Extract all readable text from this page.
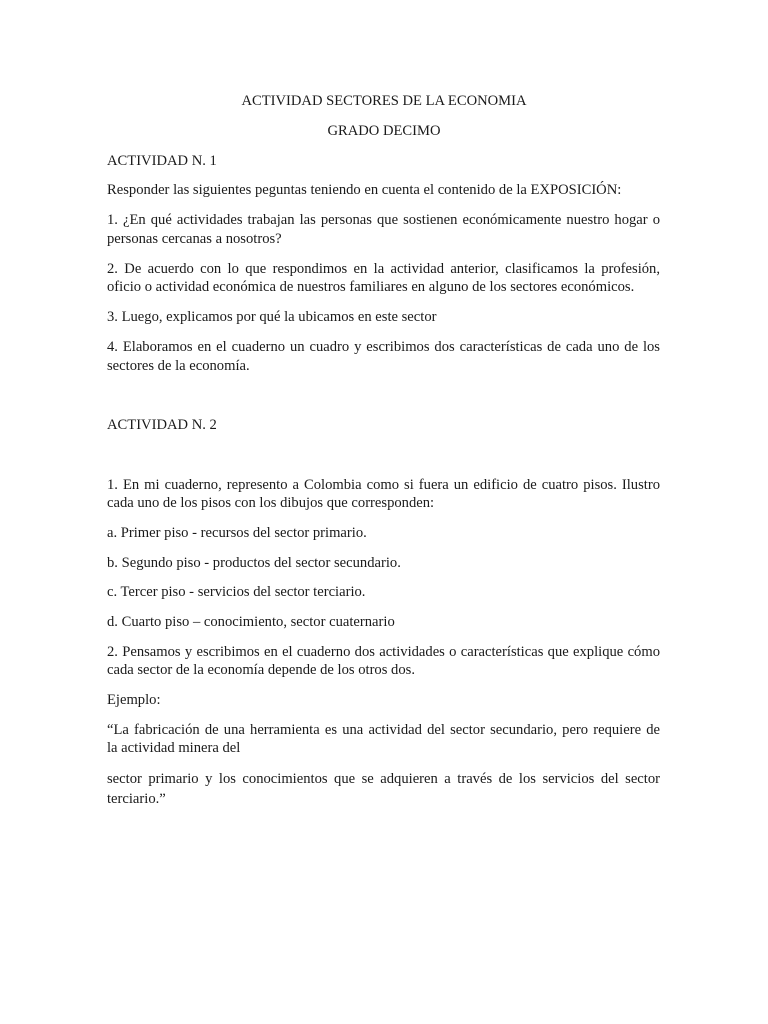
ACTIVIDAD SECTORES DE LA ECONOMIA
GRADO DECIMO
ACTIVIDAD N. 1
Responder las siguientes peguntas teniendo en cuenta el contenido de la EXPOSICIÓN:
1. ¿En qué actividades trabajan las personas que sostienen económicamente nuestro hogar o
personas cercanas a nosotros?
2. De acuerdo con lo que respondimos en la actividad anterior, clasificamos la profesión,
oficio o actividad económica de nuestros familiares en alguno de los sectores económicos.
3. Luego, explicamos por qué la ubicamos en este sector
4. Elaboramos en el cuaderno un cuadro y escribimos dos características de cada uno de los
sectores de la economía.
ACTIVIDAD N. 2
1. En mi cuaderno, represento a Colombia como si fuera un edificio de cuatro pisos. Ilustro
cada uno de los pisos con los dibujos que corresponden:
a. Primer piso - recursos del sector primario.
b. Segundo piso - productos del sector secundario.
c. Tercer piso - servicios del sector terciario.
d. Cuarto piso – conocimiento, sector cuaternario
2. Pensamos y escribimos en el cuaderno dos actividades o características que explique cómo
cada sector de la economía depende de los otros dos.
Ejemplo:
“La fabricación de una herramienta es una actividad del sector secundario, pero requiere de
la actividad minera del
sector primario y los conocimientos que se adquieren a través de los servicios del sector
terciario.”
